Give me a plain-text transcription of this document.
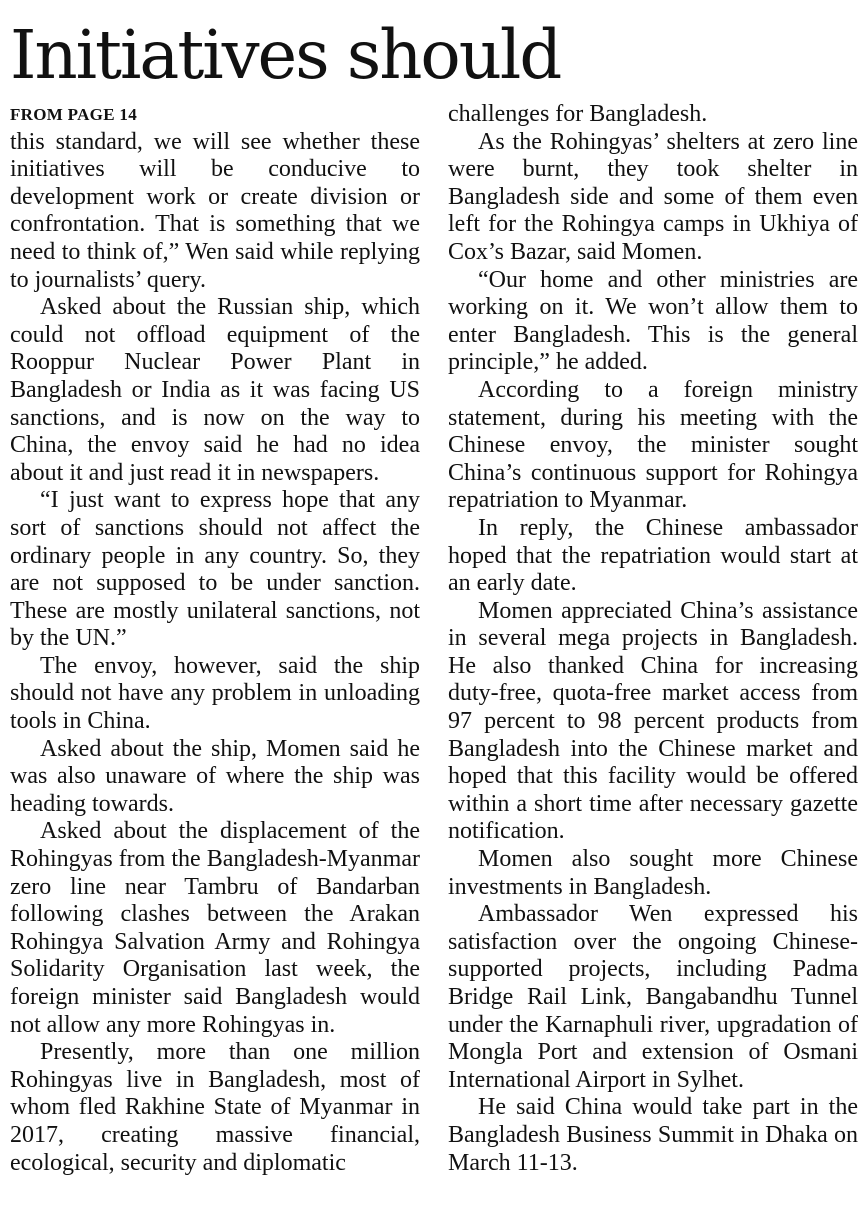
Initiatives should
FROM PAGE 14

this standard, we will see whether these initiatives will be conducive to development work or create division or confrontation. That is something that we need to think of,” Wen said while replying to journalists’ query.

Asked about the Russian ship, which could not offload equipment of the Rooppur Nuclear Power Plant in Bangladesh or India as it was facing US sanctions, and is now on the way to China, the envoy said he had no idea about it and just read it in newspapers.

“I just want to express hope that any sort of sanctions should not affect the ordinary people in any country. So, they are not supposed to be under sanction. These are mostly unilateral sanctions, not by the UN.”

The envoy, however, said the ship should not have any problem in unloading tools in China.

Asked about the ship, Momen said he was also unaware of where the ship was heading towards.

Asked about the displacement of the Rohingyas from the Bangladesh-Myanmar zero line near Tambru of Bandarban following clashes between the Arakan Rohingya Salvation Army and Rohingya Solidarity Organisation last week, the foreign minister said Bangladesh would not allow any more Rohingyas in.

Presently, more than one million Rohingyas live in Bangladesh, most of whom fled Rakhine State of Myanmar in 2017, creating massive financial, ecological, security and diplomatic

challenges for Bangladesh.

As the Rohingyas’ shelters at zero line were burnt, they took shelter in Bangladesh side and some of them even left for the Rohingya camps in Ukhiya of Cox’s Bazar, said Momen.

“Our home and other ministries are working on it. We won’t allow them to enter Bangladesh. This is the general principle,” he added.

According to a foreign ministry statement, during his meeting with the Chinese envoy, the minister sought China’s continuous support for Rohingya repatriation to Myanmar.

In reply, the Chinese ambassador hoped that the repatriation would start at an early date.

Momen appreciated China’s assistance in several mega projects in Bangladesh. He also thanked China for increasing duty-free, quota-free market access from 97 percent to 98 percent products from Bangladesh into the Chinese market and hoped that this facility would be offered within a short time after necessary gazette notification.

Momen also sought more Chinese investments in Bangladesh.

Ambassador Wen expressed his satisfaction over the ongoing Chinese-supported projects, including Padma Bridge Rail Link, Bangabandhu Tunnel under the Karnaphuli river, upgradation of Mongla Port and extension of Osmani International Airport in Sylhet.

He said China would take part in the Bangladesh Business Summit in Dhaka on March 11-13.
